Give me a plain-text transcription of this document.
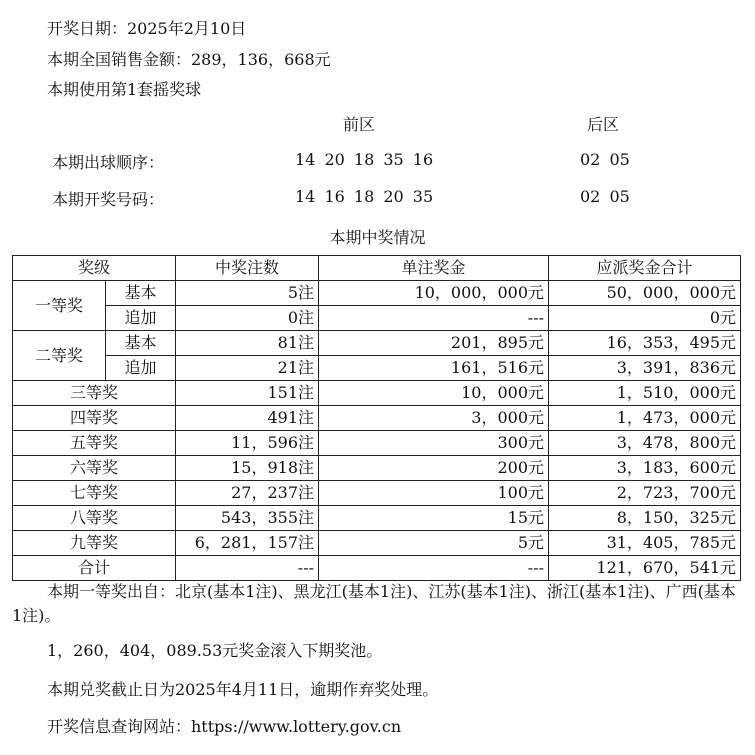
开奖日期：2025年2月10日
本期全国销售金额：289，136，668元
本期使用第1套摇奖球
前区	后区
本期出球顺序：	14 20 18 35 16	02 05
本期开奖号码：	14 16 18 20 35	02 05
本期中奖情况
奖级		中奖注数	单注奖金	应派奖金合计
一等奖	基本	5注	10，000，000元	50，000，000元
	追加	0注	---	0元
二等奖	基本	81注	201，895元	16，353，495元
	追加	21注	161，516元	3，391，836元
三等奖		151注	10，000元	1，510，000元
四等奖		491注	3，000元	1，473，000元
五等奖		11，596注	300元	3，478，800元
六等奖		15，918注	200元	3，183，600元
七等奖		27，237注	100元	2，723，700元
八等奖		543，355注	15元	8，150，325元
九等奖		6，281，157注	5元	31，405，785元
合计		---	---	121，670，541元
本期一等奖出自：北京(基本1注)、黑龙江(基本1注)、江苏(基本1注)、浙江(基本1注)、广西(基本1注)。
1，260，404，089.53元奖金滚入下期奖池。
本期兑奖截止日为2025年4月11日，逾期作弃奖处理。
开奖信息查询网站：https://www.lottery.gov.cn
